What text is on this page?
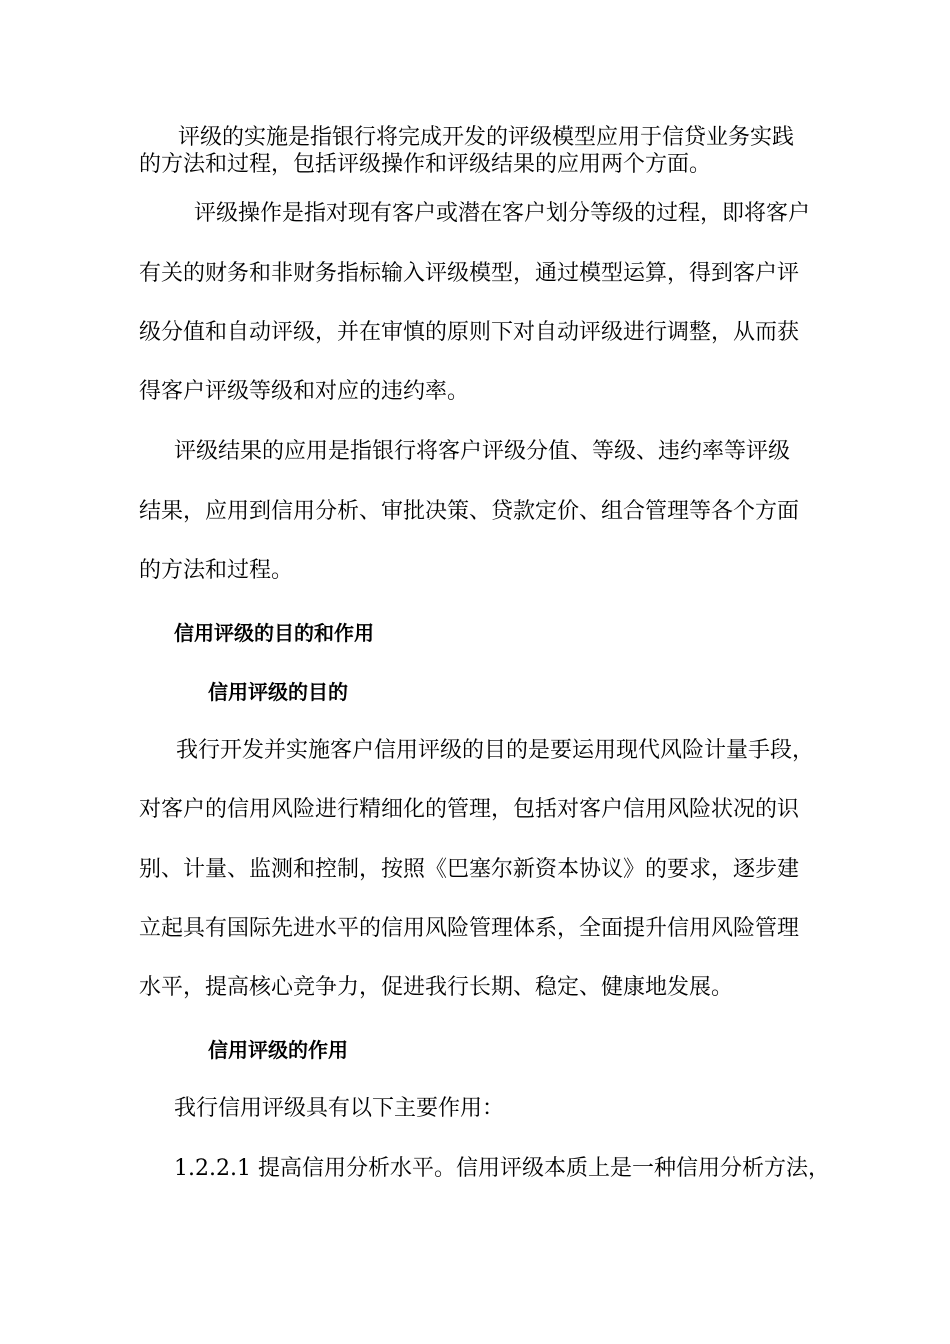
评级的实施是指银行将完成开发的评级模型应用于信贷业务实践
的方法和过程，包括评级操作和评级结果的应用两个方面。
评级操作是指对现有客户或潜在客户划分等级的过程，即将客户
有关的财务和非财务指标输入评级模型，通过模型运算，得到客户评
级分值和自动评级，并在审慎的原则下对自动评级进行调整，从而获
得客户评级等级和对应的违约率。
评级结果的应用是指银行将客户评级分值、等级、违约率等评级
结果，应用到信用分析、审批决策、贷款定价、组合管理等各个方面
的方法和过程。
信用评级的目的和作用
信用评级的目的
我行开发并实施客户信用评级的目的是要运用现代风险计量手段，
对客户的信用风险进行精细化的管理，包括对客户信用风险状况的识
别、计量、监测和控制，按照《巴塞尔新资本协议》的要求，逐步建
立起具有国际先进水平的信用风险管理体系，全面提升信用风险管理
水平，提高核心竞争力，促进我行长期、稳定、健康地发展。
信用评级的作用
我行信用评级具有以下主要作用：
1.2.2.1 提高信用分析水平。信用评级本质上是一种信用分析方法，
